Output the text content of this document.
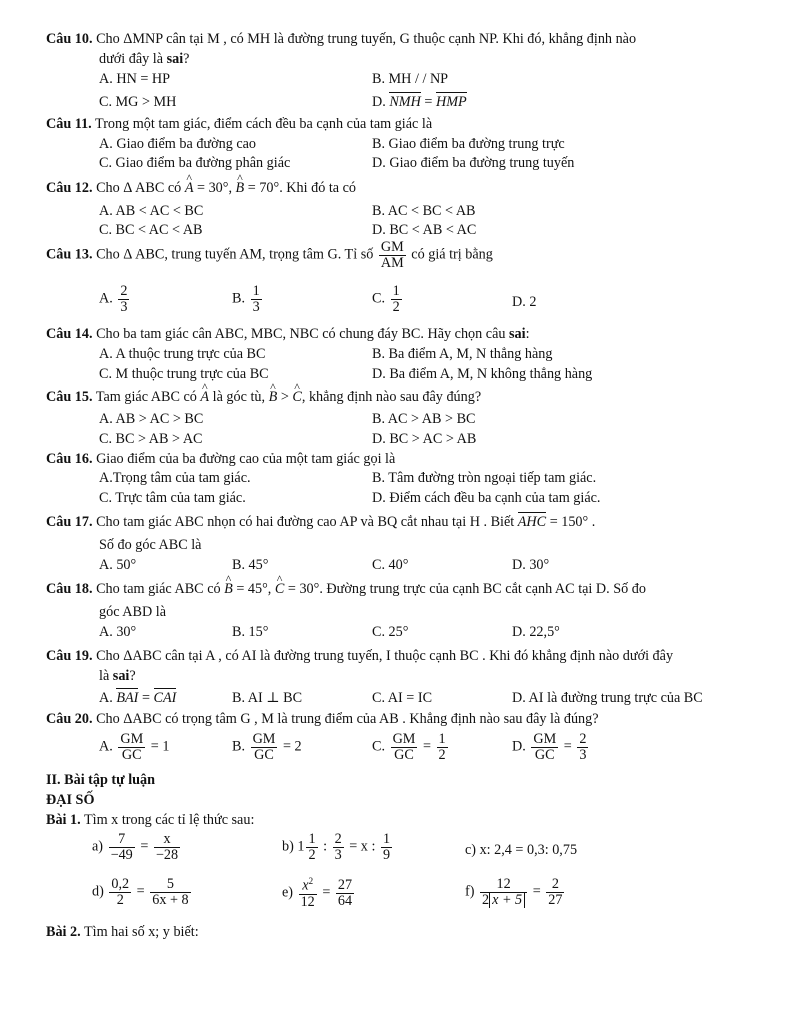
Câu 10. Cho ΔMNP cân tại M , có MH là đường trung tuyến, G thuộc cạnh NP. Khi đó, khẳng định nào
dưới đây là sai?
A. HN = HP	B. MH / / NP
C. MG > MH	D. NMH = HMP
Câu 11. Trong một tam giác, điểm cách đều ba cạnh của tam giác là
A. Giao điểm ba đường cao	B. Giao điểm ba đường trung trực
C. Giao điểm ba đường phân giác	D. Giao điểm ba đường trung tuyến
Câu 12. Cho Δ ABC có ^ A = 30°, ^ B = 70°. Khi đó ta có
A. AB < AC < BC	B. AC < BC < AB
C. BC < AC < AB	D. BC < AB < AC
Câu 13. Cho Δ ABC, trung tuyến AM, trọng tâm G. Tỉ số $\frac{GM}{AM}$ có giá trị bằng
A. $\frac{2}{3}$	B. $\frac{1}{3}$	C. $\frac{1}{2}$	D. 2
Câu 14. Cho ba tam giác cân ABC, MBC, NBC có chung đáy BC. Hãy chọn câu sai:
A. A thuộc trung trực của BC	B. Ba điểm A, M, N thẳng hàng
C. M thuộc trung trực của BC	D. Ba điểm A, M, N không thẳng hàng
Câu 15. Tam giác ABC có ^ A là góc tù, ^ B > ^ C, khẳng định nào sau đây đúng?
A. AB > AC > BC	B. AC > AB > BC
C. BC > AB > AC	D. BC > AC > AB
Câu 16. Giao điểm của ba đường cao của một tam giác gọi là
A.Trọng tâm của tam giác.	B. Tâm đường tròn ngoại tiếp tam giác.
C. Trực tâm của tam giác.	D. Điểm cách đều ba cạnh của tam giác.
Câu 17. Cho tam giác ABC nhọn có hai đường cao AP và BQ cắt nhau tại H . Biết AHC = 150° .
Số đo góc ABC là
A. 50°	B. 45°	C. 40°	D. 30°
Câu 18. Cho tam giác ABC có ^ B = 45°, ^ C = 30°. Đường trung trực của cạnh BC cắt cạnh AC tại D. Số đo
góc ABD là
A. 30°	B. 15°	C. 25°	D. 22,5°
Câu 19. Cho ΔABC cân tại A , có AI là đường trung tuyến, I thuộc cạnh BC . Khi đó khẳng định nào dưới đây
là sai?
A. BAI = CAI	B. AI ⊥ BC	C. AI = IC	D. AI là đường trung trực của BC
Câu 20. Cho ΔABC có trọng tâm G , M là trung điểm của AB . Khẳng định nào sau đây là đúng?
A. $\frac{GM}{GC} = 1$	B. $\frac{GM}{GC} = 2$	C. $\frac{GM}{GC} = \frac{1}{2}$	D. $\frac{GM}{GC} = \frac{2}{3}$
II. Bài tập tự luận
ĐẠI SỐ
Bài 1. Tìm x trong các tỉ lệ thức sau:
$a) \frac{7}{-49} = \frac{x}{-28}$	b) $1 \frac{1}{2}$ : $\frac{2}{3} = x$ : $\frac{1}{9}$	c) x: 2,4 = 0,3: 0,75
$d) \frac{0,2}{2} = \frac{5}{6x + 8}$	$e) \frac{x^2}{12} = \frac{27}{64}$	$f) \frac{12}{2 x + 5} = \frac{2}{27}$
Bài 2. Tìm hai số x; y biết:
